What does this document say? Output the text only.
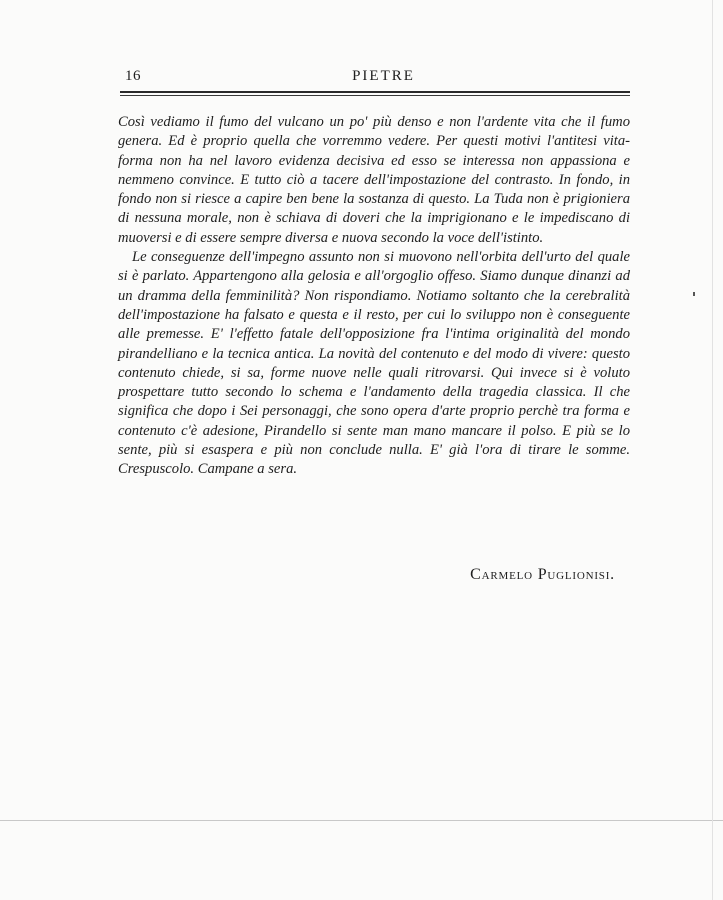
16	PIETRE

Così vediamo il fumo del vulcano un po' più denso e non l'ardente vita che il fumo genera. Ed è proprio quella che vorremmo vedere. Per questi motivi l'antitesi vita-forma non ha nel lavoro evidenza decisiva ed esso se interessa non appassiona e nemmeno convince. E tutto ciò a tacere dell'impostazione del contrasto. In fondo, in fondo non si riesce a capire ben bene la sostanza di questo. La Tuda non è prigioniera di nessuna morale, non è schiava di doveri che la imprigionano e le impediscano di muoversi e di essere sempre diversa e nuova secondo la voce dell'istinto.

Le conseguenze dell'impegno assunto non si muovono nell'orbita dell'urto del quale si è parlato. Appartengono alla gelosia e all'orgoglio offeso. Siamo dunque dinanzi ad un dramma della femminilità? Non rispondiamo. Notiamo soltanto che la cerebralità dell'impostazione ha falsato e questa e il resto, per cui lo sviluppo non è conseguente alle premesse. E' l'effetto fatale dell'opposizione fra l'intima originalità del mondo pirandelliano e la tecnica antica. La novità del contenuto e del modo di vivere: questo contenuto chiede, si sa, forme nuove nelle quali ritrovarsi. Qui invece si è voluto prospettare tutto secondo lo schema e l'andamento della tragedia classica. Il che significa che dopo i Sei personaggi, che sono opera d'arte proprio perchè tra forma e contenuto c'è adesione, Pirandello si sente man mano mancare il polso. E più se lo sente, più si esaspera e più non conclude nulla. E' già l'ora di tirare le somme. Crespuscolo. Campane a sera.

Carmelo Puglionisi.
